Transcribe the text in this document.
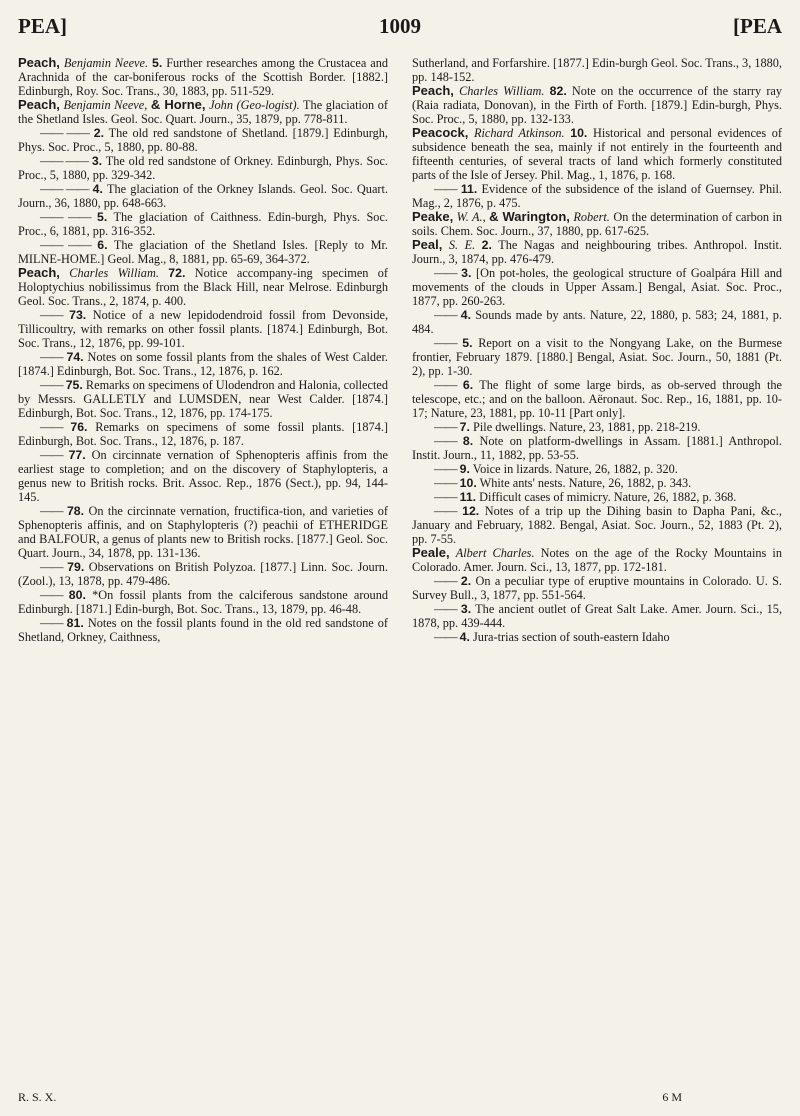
PEA]	1009	[PEA
Peach, Benjamin Neeve. 5. Further researches among the Crustacea and Arachnida of the car-boniferous rocks of the Scottish Border. [1882.] Edinburgh, Roy. Soc. Trans., 30, 1883, pp. 511-529.
Peach, Benjamin Neeve, & Horne, John (Geo-logist). The glaciation of the Shetland Isles. Geol. Soc. Quart. Journ., 35, 1879, pp. 778-811.
—— —— 2. The old red sandstone of Shetland. [1879.] Edinburgh, Phys. Soc. Proc., 5, 1880, pp. 80-88.
—— —— 3. The old red sandstone of Orkney. Edinburgh, Phys. Soc. Proc., 5, 1880, pp. 329-342.
—— —— 4. The glaciation of the Orkney Islands. Geol. Soc. Quart. Journ., 36, 1880, pp. 648-663.
—— —— 5. The glaciation of Caithness. Edin-burgh, Phys. Soc. Proc., 6, 1881, pp. 316-352.
—— —— 6. The glaciation of the Shetland Isles. [Reply to Mr. MILNE-HOME.] Geol. Mag., 8, 1881, pp. 65-69, 364-372.
Peach, Charles William. 72. Notice accompany-ing specimen of Holoptychius nobilissimus from the Black Hill, near Melrose. Edinburgh Geol. Soc. Trans., 2, 1874, p. 400.
—— 73. Notice of a new lepidodendroid fossil from Devonside, Tillicoultry, with remarks on other fossil plants. [1874.] Edinburgh, Bot. Soc. Trans., 12, 1876, pp. 99-101.
—— 74. Notes on some fossil plants from the shales of West Calder. [1874.] Edinburgh, Bot. Soc. Trans., 12, 1876, p. 162.
—— 75. Remarks on specimens of Ulodendron and Halonia, collected by Messrs. GALLETLY and LUMSDEN, near West Calder. [1874.] Edinburgh, Bot. Soc. Trans., 12, 1876, pp. 174-175.
—— 76. Remarks on specimens of some fossil plants. [1874.] Edinburgh, Bot. Soc. Trans., 12, 1876, p. 187.
—— 77. On circinnate vernation of Sphenopteris affinis from the earliest stage to completion; and on the discovery of Staphylopteris, a genus new to British rocks. Brit. Assoc. Rep., 1876 (Sect.), pp. 94, 144-145.
—— 78. On the circinnate vernation, fructifica-tion, and varieties of Sphenopteris affinis, and on Staphylopteris (?) peachii of ETHERIDGE and BALFOUR, a genus of plants new to British rocks. [1877.] Geol. Soc. Quart. Journ., 34, 1878, pp. 131-136.
—— 79. Observations on British Polyzoa. [1877.] Linn. Soc. Journ. (Zool.), 13, 1878, pp. 479-486.
—— 80. *On fossil plants from the calciferous sandstone around Edinburgh. [1871.] Edin-burgh, Bot. Soc. Trans., 13, 1879, pp. 46-48.
—— 81. Notes on the fossil plants found in the old red sandstone of Shetland, Orkney, Caithness,
Sutherland, and Forfarshire. [1877.] Edin-burgh Geol. Soc. Trans., 3, 1880, pp. 148-152.
Peach, Charles William. 82. Note on the occurrence of the starry ray (Raia radiata, Donovan), in the Firth of Forth. [1879.] Edin-burgh, Phys. Soc. Proc., 5, 1880, pp. 132-133.
Peacock, Richard Atkinson. 10. Historical and personal evidences of subsidence beneath the sea, mainly if not entirely in the fourteenth and fifteenth centuries, of several tracts of land which formerly constituted parts of the Isle of Jersey. Phil. Mag., 1, 1876, p. 168.
—— 11. Evidence of the subsidence of the island of Guernsey. Phil. Mag., 2, 1876, p. 475.
Peake, W. A., & Warington, Robert. On the determination of carbon in soils. Chem. Soc. Journ., 37, 1880, pp. 617-625.
Peal, S. E. 2. The Nagas and neighbouring tribes. Anthropol. Instit. Journ., 3, 1874, pp. 476-479.
—— 3. [On pot-holes, the geological structure of Goalpára Hill and movements of the clouds in Upper Assam.] Bengal, Asiat. Soc. Proc., 1877, pp. 260-263.
—— 4. Sounds made by ants. Nature, 22, 1880, p. 583; 24, 1881, p. 484.
—— 5. Report on a visit to the Nongyang Lake, on the Burmese frontier, February 1879. [1880.] Bengal, Asiat. Soc. Journ., 50, 1881 (Pt. 2), pp. 1-30.
—— 6. The flight of some large birds, as ob-served through the telescope, etc.; and on the balloon. Aëronaut. Soc. Rep., 16, 1881, pp. 10-17; Nature, 23, 1881, pp. 10-11 [Part only].
—— 7. Pile dwellings. Nature, 23, 1881, pp. 218-219.
—— 8. Note on platform-dwellings in Assam. [1881.] Anthropol. Instit. Journ., 11, 1882, pp. 53-55.
—— 9. Voice in lizards. Nature, 26, 1882, p. 320.
—— 10. White ants' nests. Nature, 26, 1882, p. 343.
—— 11. Difficult cases of mimicry. Nature, 26, 1882, p. 368.
—— 12. Notes of a trip up the Dihing basin to Dapha Pani, &c., January and February, 1882. Bengal, Asiat. Soc. Journ., 52, 1883 (Pt. 2), pp. 7-55.
Peale, Albert Charles. Notes on the age of the Rocky Mountains in Colorado. Amer. Journ. Sci., 13, 1877, pp. 172-181.
—— 2. On a peculiar type of eruptive mountains in Colorado. U. S. Survey Bull., 3, 1877, pp. 551-564.
—— 3. The ancient outlet of Great Salt Lake. Amer. Journ. Sci., 15, 1878, pp. 439-444.
—— 4. Jura-trias section of south-eastern Idaho
R. S. X.	6 M
